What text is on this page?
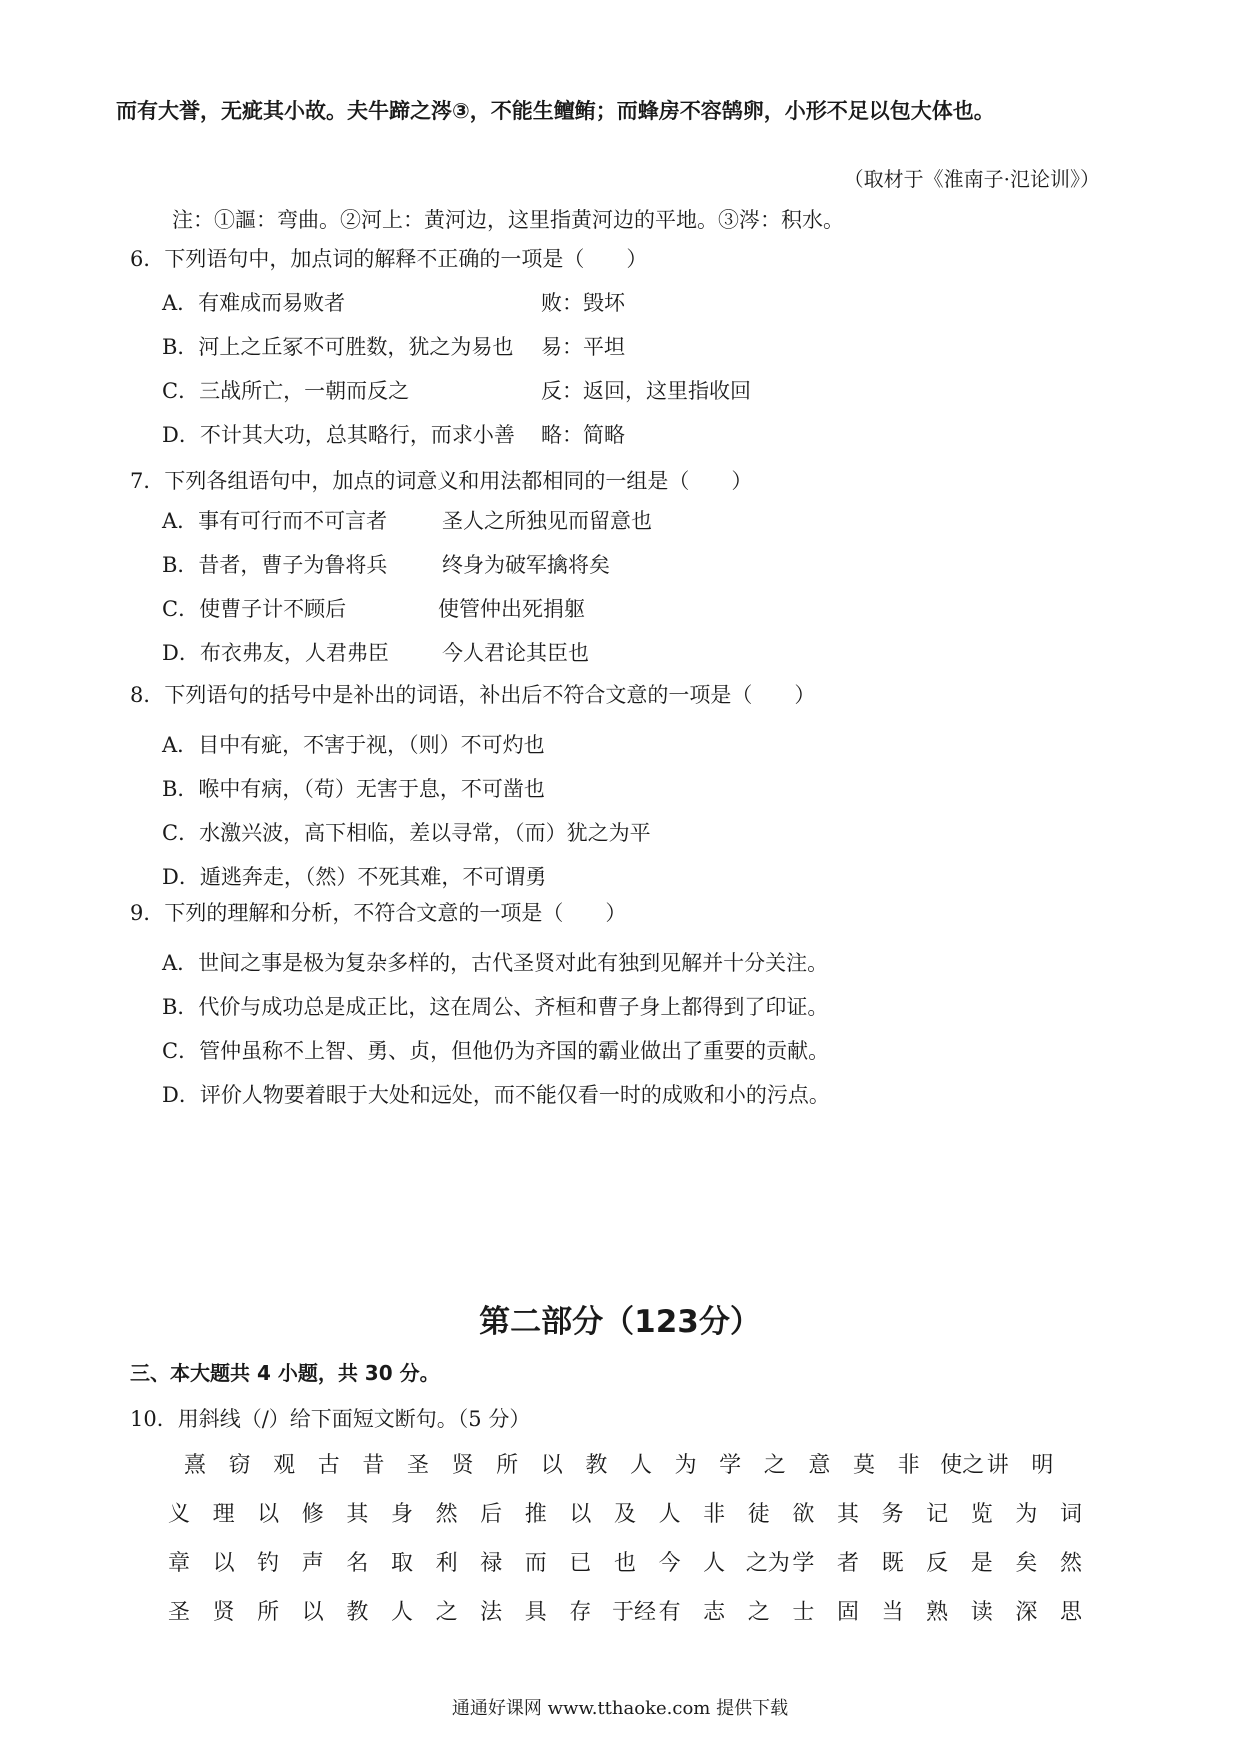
而有大誉，无疵其小故。夫牛蹄之涔③，不能生鳣鲔；而蜂房不容鹄卵，小形不足以包大体也。
（取材于《淮南子·氾论训》）
注：①謳：弯曲。②河上：黄河边，这里指黄河边的平地。③涔：积水。
6．下列语句中，加点词的解释不正确的一项是（　　）
A．有难成而易败者	败：毁坏
B．河上之丘冢不可胜数，犹之为易也 易：平坦
C．三战所亡，一朝而反之	反：返回，这里指收回
D．不计其大功，总其略行，而求小善 略：简略
7．下列各组语句中，加点的词意义和用法都相同的一组是（　　）
A．事有可行而不可言者	圣人之所独见而留意也
B．昔者，曹子为鲁将兵	终身为破军擒将矣
C．使曹子计不顾后	使管仲出死捐躯
D．布衣弗友，人君弗臣	今人君论其臣也
8．下列语句的括号中是补出的词语，补出后不符合文意的一项是（　　）
A．目中有疵，不害于视，（则）不可灼也
B．喉中有病，（苟）无害于息，不可凿也
C．水激兴波，高下相临，差以寻常，（而）犹之为平
D．遁逃奔走，（然）不死其难，不可谓勇
9．下列的理解和分析，不符合文意的一项是（　　）
A．世间之事是极为复杂多样的，古代圣贤对此有独到见解并十分关注。
B．代价与成功总是成正比，这在周公、齐桓和曹子身上都得到了印证。
C．管仲虽称不上智、勇、贞，但他仍为齐国的霸业做出了重要的贡献。
D．评价人物要着眼于大处和远处，而不能仅看一时的成败和小的污点。
第二部分（123分）
三、本大题共 4 小题，共 30 分。
10．用斜线（/）给下面短文断句。（5 分）
熹 窃 观 古 昔 圣 贤 所 以 教 人 为 学 之 意 莫 非 使之 讲 明
义 理 以 修 其 身 然 后 推 以 及 人 非 徒 欲 其 务 记 览 为 词
章 以 钓 声 名 取 利 禄 而 已 也 今 人 之为 学 者 既 反 是 矣 然
圣 贤 所 以 教 人 之 法 具 存 于经 有 志 之 士 固 当 熟 读 深 思
通通好课网 www.tthaoke.com 提供下载
